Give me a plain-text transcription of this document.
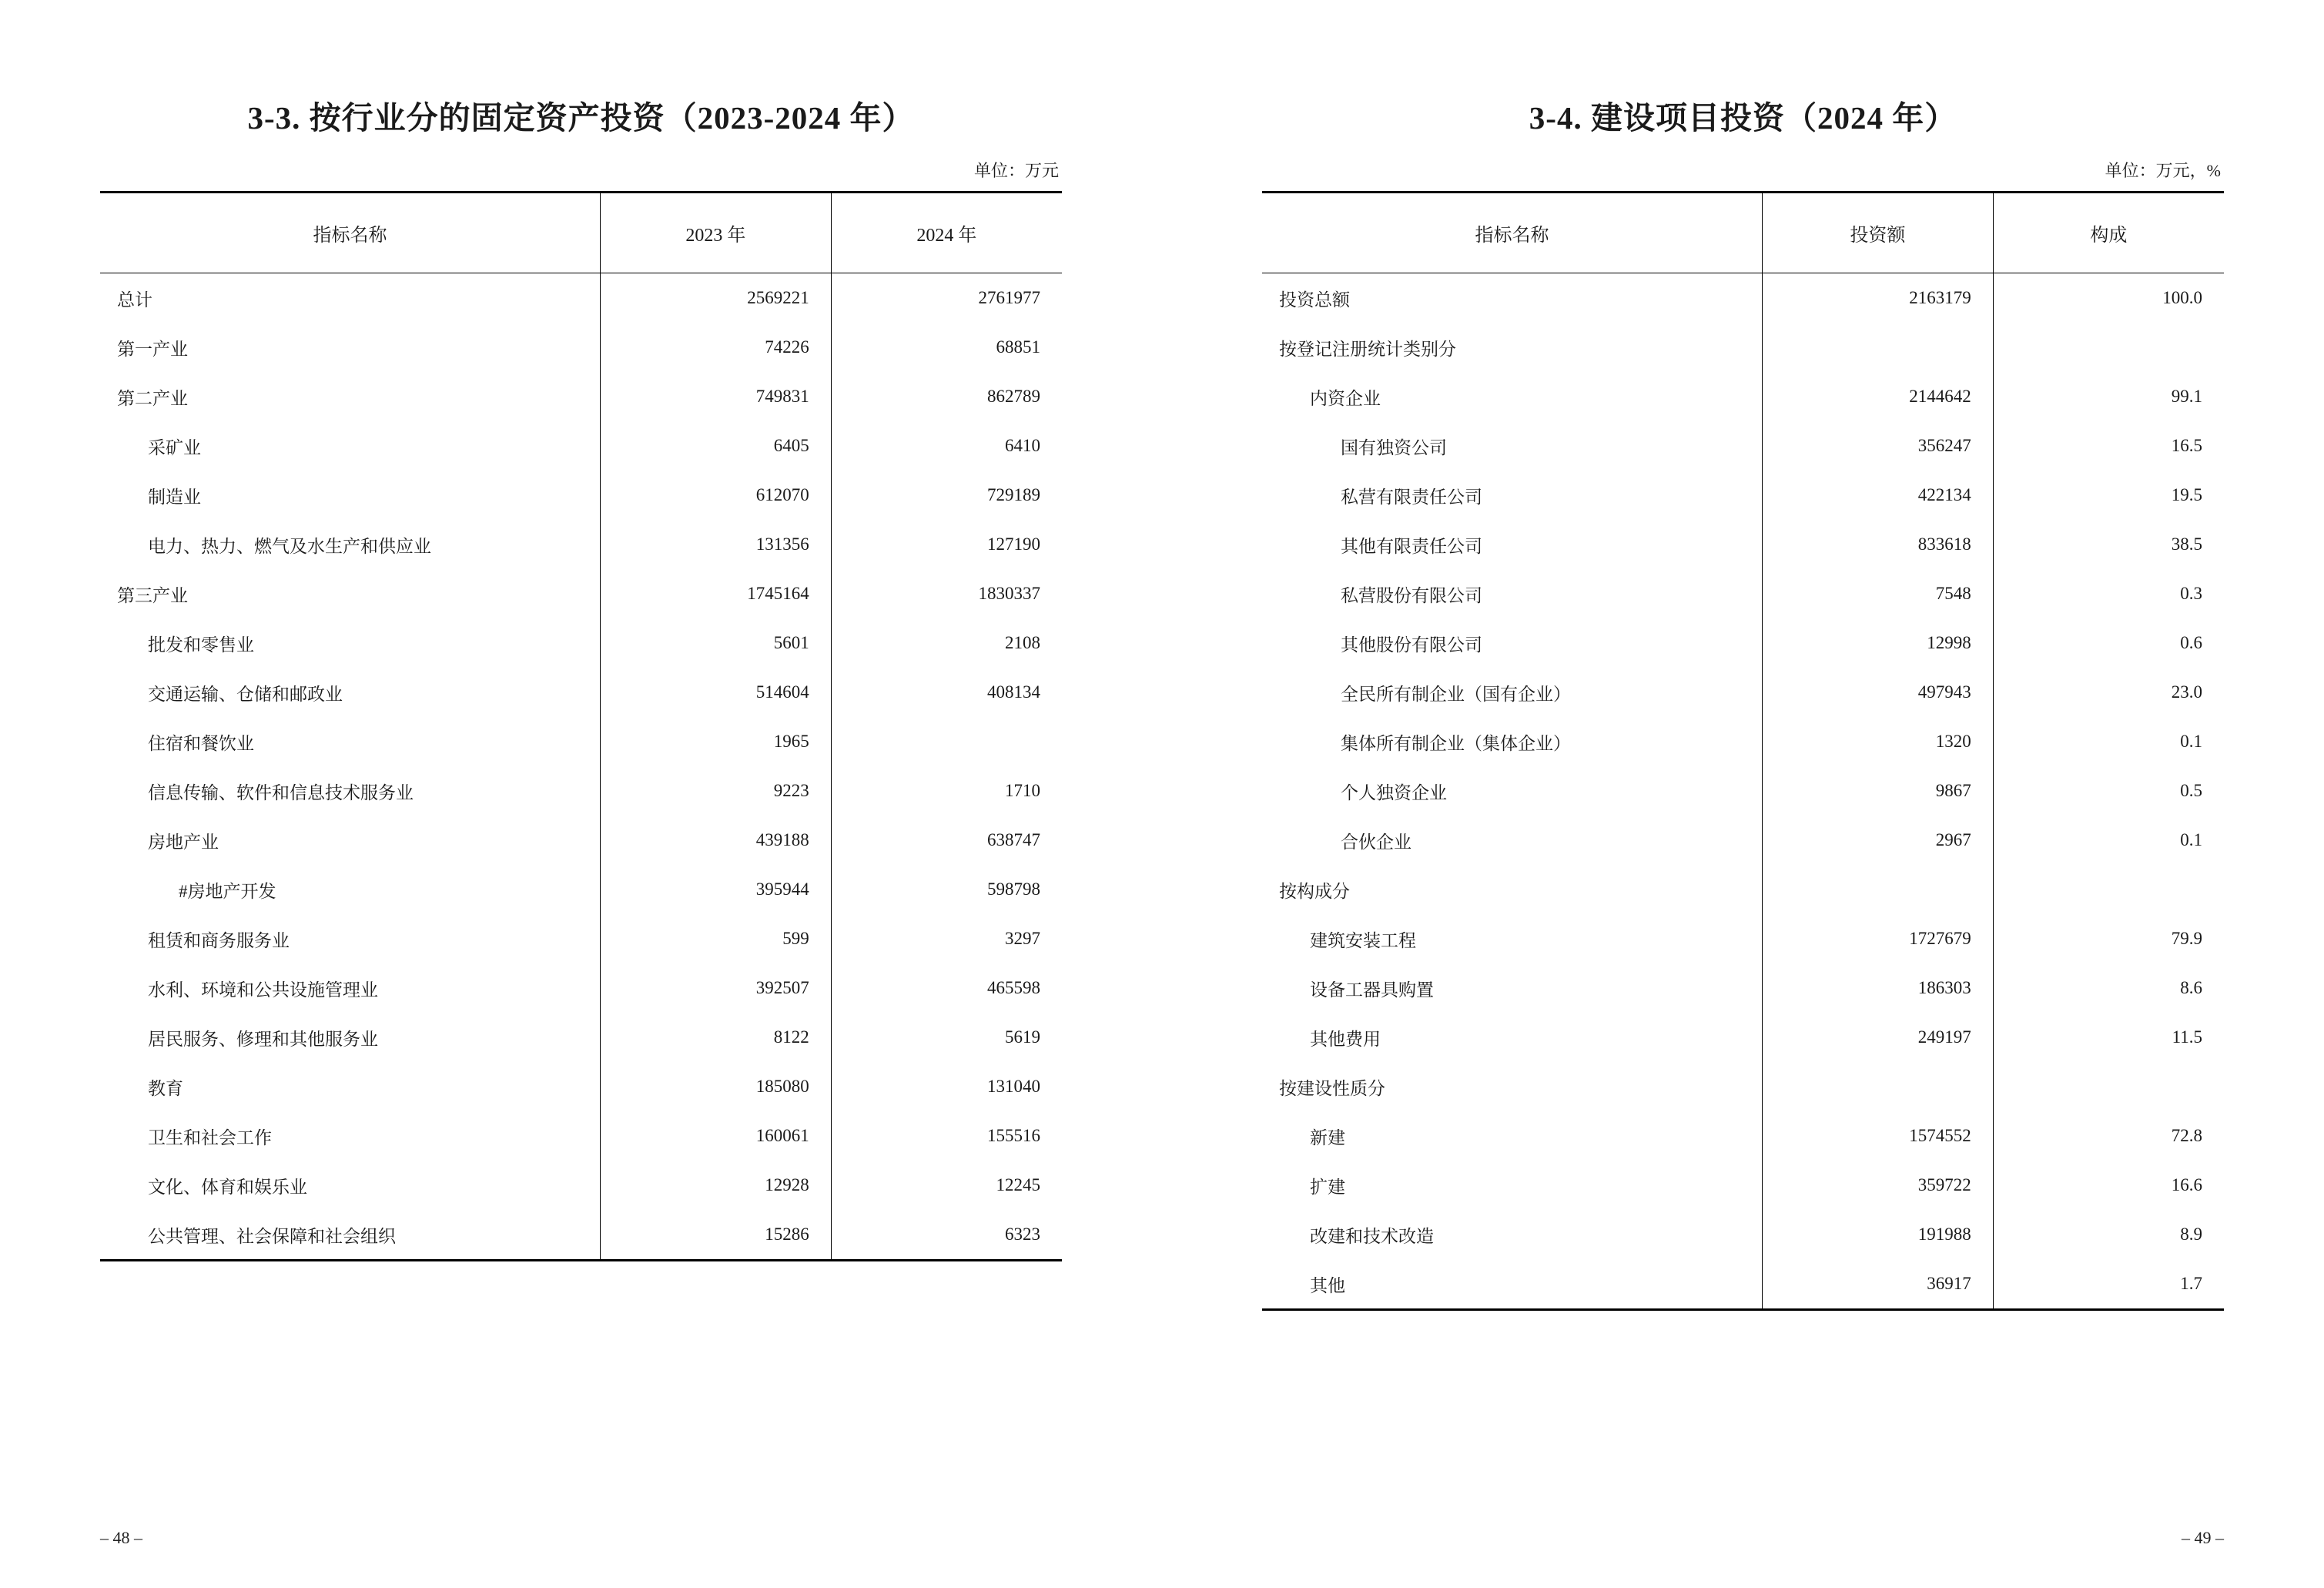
3-3. 按行业分的固定资产投资（2023-2024 年）
单位：万元
指标名称	2023 年	2024 年
总计	2569221	2761977
第一产业	74226	68851
第二产业	749831	862789
采矿业	6405	6410
制造业	612070	729189
电力、热力、燃气及水生产和供应业	131356	127190
第三产业	1745164	1830337
批发和零售业	5601	2108
交通运输、仓储和邮政业	514604	408134
住宿和餐饮业	1965	
信息传输、软件和信息技术服务业	9223	1710
房地产业	439188	638747
#房地产开发	395944	598798
租赁和商务服务业	599	3297
水利、环境和公共设施管理业	392507	465598
居民服务、修理和其他服务业	8122	5619
教育	185080	131040
卫生和社会工作	160061	155516
文化、体育和娱乐业	12928	12245
公共管理、社会保障和社会组织	15286	6323
– 48 –
3-4. 建设项目投资（2024 年）
单位：万元，%
指标名称	投资额	构成
投资总额	2163179	100.0
按登记注册统计类别分		
内资企业	2144642	99.1
国有独资公司	356247	16.5
私营有限责任公司	422134	19.5
其他有限责任公司	833618	38.5
私营股份有限公司	7548	0.3
其他股份有限公司	12998	0.6
全民所有制企业（国有企业）	497943	23.0
集体所有制企业（集体企业）	1320	0.1
个人独资企业	9867	0.5
合伙企业	2967	0.1
按构成分		
建筑安装工程	1727679	79.9
设备工器具购置	186303	8.6
其他费用	249197	11.5
按建设性质分		
新建	1574552	72.8
扩建	359722	16.6
改建和技术改造	191988	8.9
其他	36917	1.7
– 49 –
